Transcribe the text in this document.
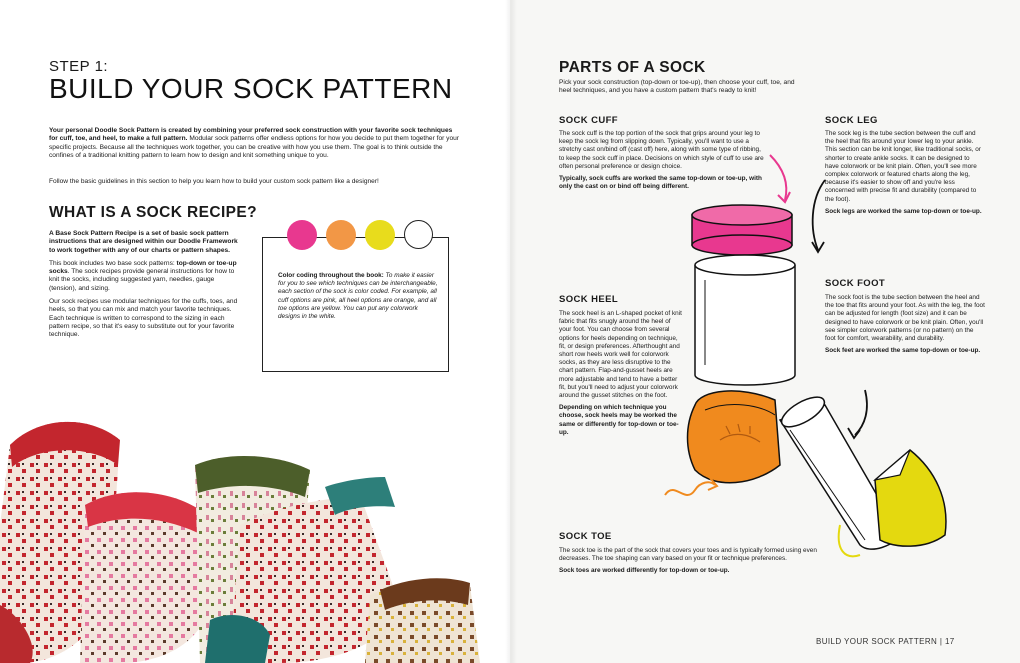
STEP 1:
BUILD YOUR SOCK PATTERN
Your personal Doodle Sock Pattern is created by combining your preferred sock construction with your favorite sock techniques for cuff, toe, and heel, to make a full pattern. Modular sock patterns offer endless options for how you decide to put them together for your specific projects. Because all the techniques work together, you can be creative with how you use them. The goal is to think outside the confines of a traditional knitting pattern to learn how to design and knit something unique to you.
Follow the basic guidelines in this section to help you learn how to build your custom sock pattern like a designer!
WHAT IS A SOCK RECIPE?

A Base Sock Pattern Recipe is a set of basic sock pattern instructions that are designed within our Doodle Framework to work together with any of our charts or pattern shapes.

This book includes two base sock patterns: top-down or toe-up socks. The sock recipes provide general instructions for how to knit the socks, including suggested yarn, needles, gauge (tension), and sizing.

Our sock recipes use modular techniques for the cuffs, toes, and heels, so that you can mix and match your favorite techniques. Each technique is written to correspond to the sizing in each pattern recipe, so that it's easy to substitute out for your favorite technique.

Color coding throughout the book: To make it easier for you to see which techniques can be interchangeable, each section of the sock is color coded. For example, all cuff options are pink, all heel options are orange, and all toe options are yellow. You can put any colorwork designs in the white.
PARTS OF A SOCK
Pick your sock construction (top-down or toe-up), then choose your cuff, toe, and heel techniques, and you have a custom pattern that's ready to knit!
SOCK CUFF

The sock cuff is the top portion of the sock that grips around your leg to keep the sock leg from slipping down. Typically, you'll want to use a stretchy cast on/bind off (cast off) here, along with some type of ribbing, to keep the sock cuff in place. Decisions on which style of cuff to use are often personal preference or design choice.

Typically, sock cuffs are worked the same top-down or toe-up, with only the cast on or bind off being different.

SOCK LEG

The sock leg is the tube section between the cuff and the heel that fits around your lower leg to your ankle. This section can be knit longer, like traditional socks, or shorter to create ankle socks. It can be designed to have colorwork or be knit plain. Often, you'll see more complex colorwork or featured charts along the leg, because it's easier to show off and you're less concerned with precise fit and durability (compared to the foot).

Sock legs are worked the same top-down or toe-up.

SOCK HEEL

The sock heel is an L-shaped pocket of knit fabric that fits snugly around the heel of your foot. You can choose from several options for heels depending on technique, fit, or design preferences. Afterthought and short row heels work well for colorwork socks, as they are less disruptive to the chart pattern. Flap-and-gusset heels are more adjustable and tend to have a better fit, but you'll need to adjust your colorwork around the gusset stitches on the foot.

Depending on which technique you choose, sock heels may be worked the same or differently for top-down or toe-up.

SOCK FOOT

The sock foot is the tube section between the heel and the toe that fits around your foot. As with the leg, the foot can be adjusted for length (foot size) and it can be designed to have colorwork or be knit plain. Often, you'll see simpler colorwork patterns (or no pattern) on the foot for comfort, wearability, and durability.

Sock feet are worked the same top-down or toe-up.

SOCK TOE

The sock toe is the part of the sock that covers your toes and is typically formed using even decreases. The toe shaping can vary based on your fit or technique preferences.

Sock toes are worked differently for top-down or toe-up.

BUILD YOUR SOCK PATTERN | 17
